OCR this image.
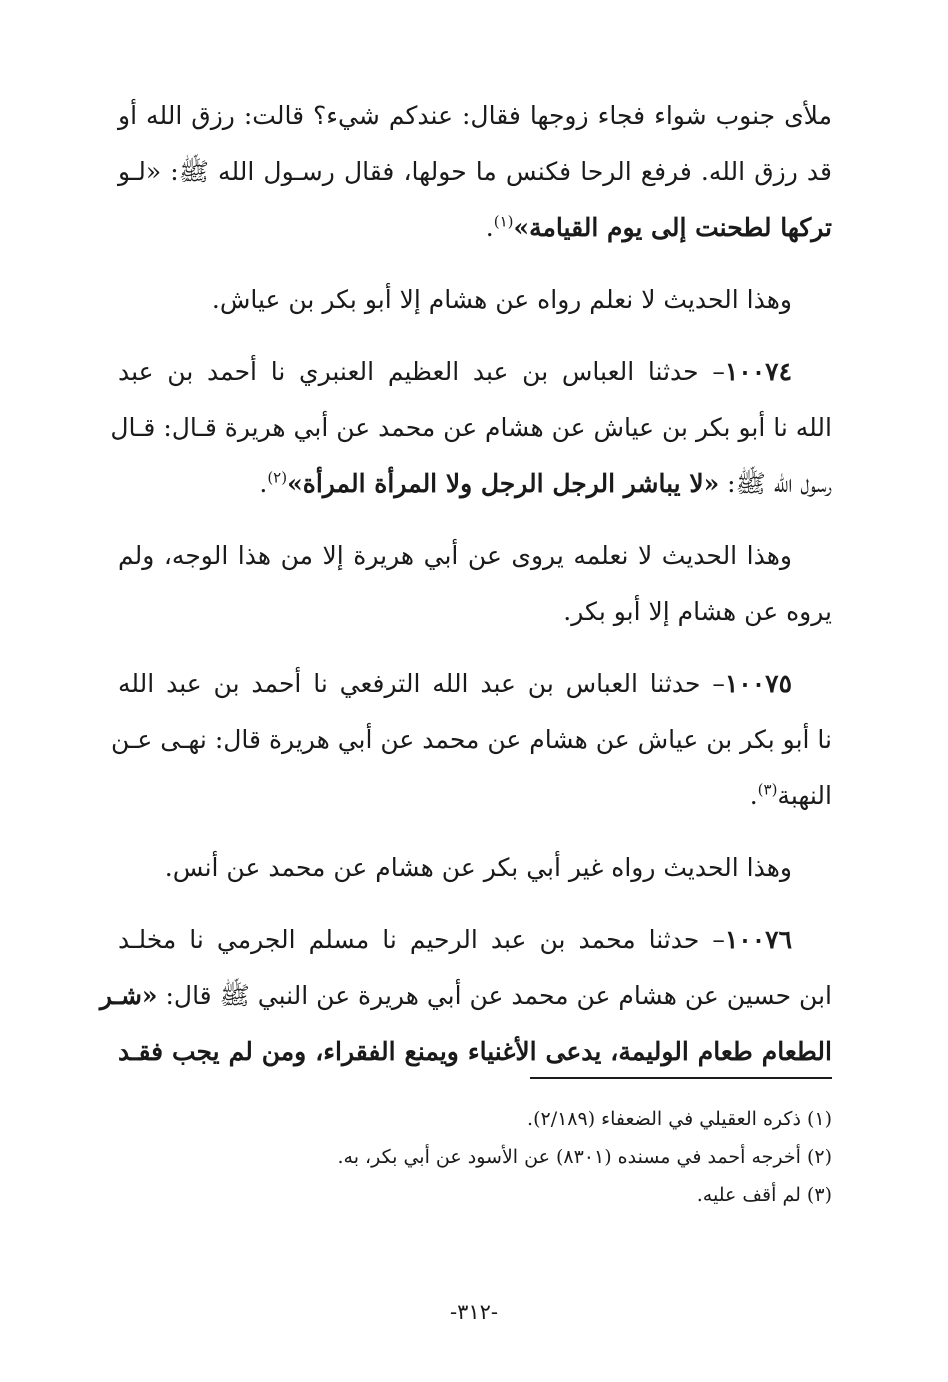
ملأى جنوب شواء فجاء زوجها فقال: عندكم شيء؟ قالت: رزق الله أو
قد رزق الله. فرفع الرحا فكنس ما حولها، فقال رسـول الله ﷺ: «لـو
تركها لطحنت إلى يوم القيامة»$^{(١)}$.
وهذا الحديث لا نعلم رواه عن هشام إلا أبو بكر بن عياش.
١٠٠٧٤– حدثنا العباس بن عبد العظيم العنبري نا أحمد بن عبد
الله نا أبو بكر بن عياش عن هشام عن محمد عن أبي هريرة قـال: قـال
رسول الله ﷺ: «لا يباشر الرجل الرجل ولا المرأة المرأة»$^{(٢)}$.
وهذا الحديث لا نعلمه يروى عن أبي هريرة إلا من هذا الوجه، ولم
يروه عن هشام إلا أبو بكر.
١٠٠٧٥– حدثنا العباس بن عبد الله الترفعي نا أحمد بن عبد الله
نا أبو بكر بن عياش عن هشام عن محمد عن أبي هريرة قال: نهـى عـن
النهبة$^{(٣)}$.
وهذا الحديث رواه غير أبي بكر عن هشام عن محمد عن أنس.
١٠٠٧٦– حدثنا محمد بن عبد الرحيم نا مسلم الجرمي نا مخلـد
ابن حسين عن هشام عن محمد عن أبي هريرة عن النبي ﷺ قال: «شـر
الطعام طعام الوليمة، يدعى الأغنياء ويمنع الفقراء، ومن لم يجب فقـد
(١) ذكره العقيلي في الضعفاء (٢/١٨٩).
(٢) أخرجه أحمد في مسنده (٨٣٠١) عن الأسود عن أبي بكر، به.
(٣) لم أقف عليه.
-٣١٢-
